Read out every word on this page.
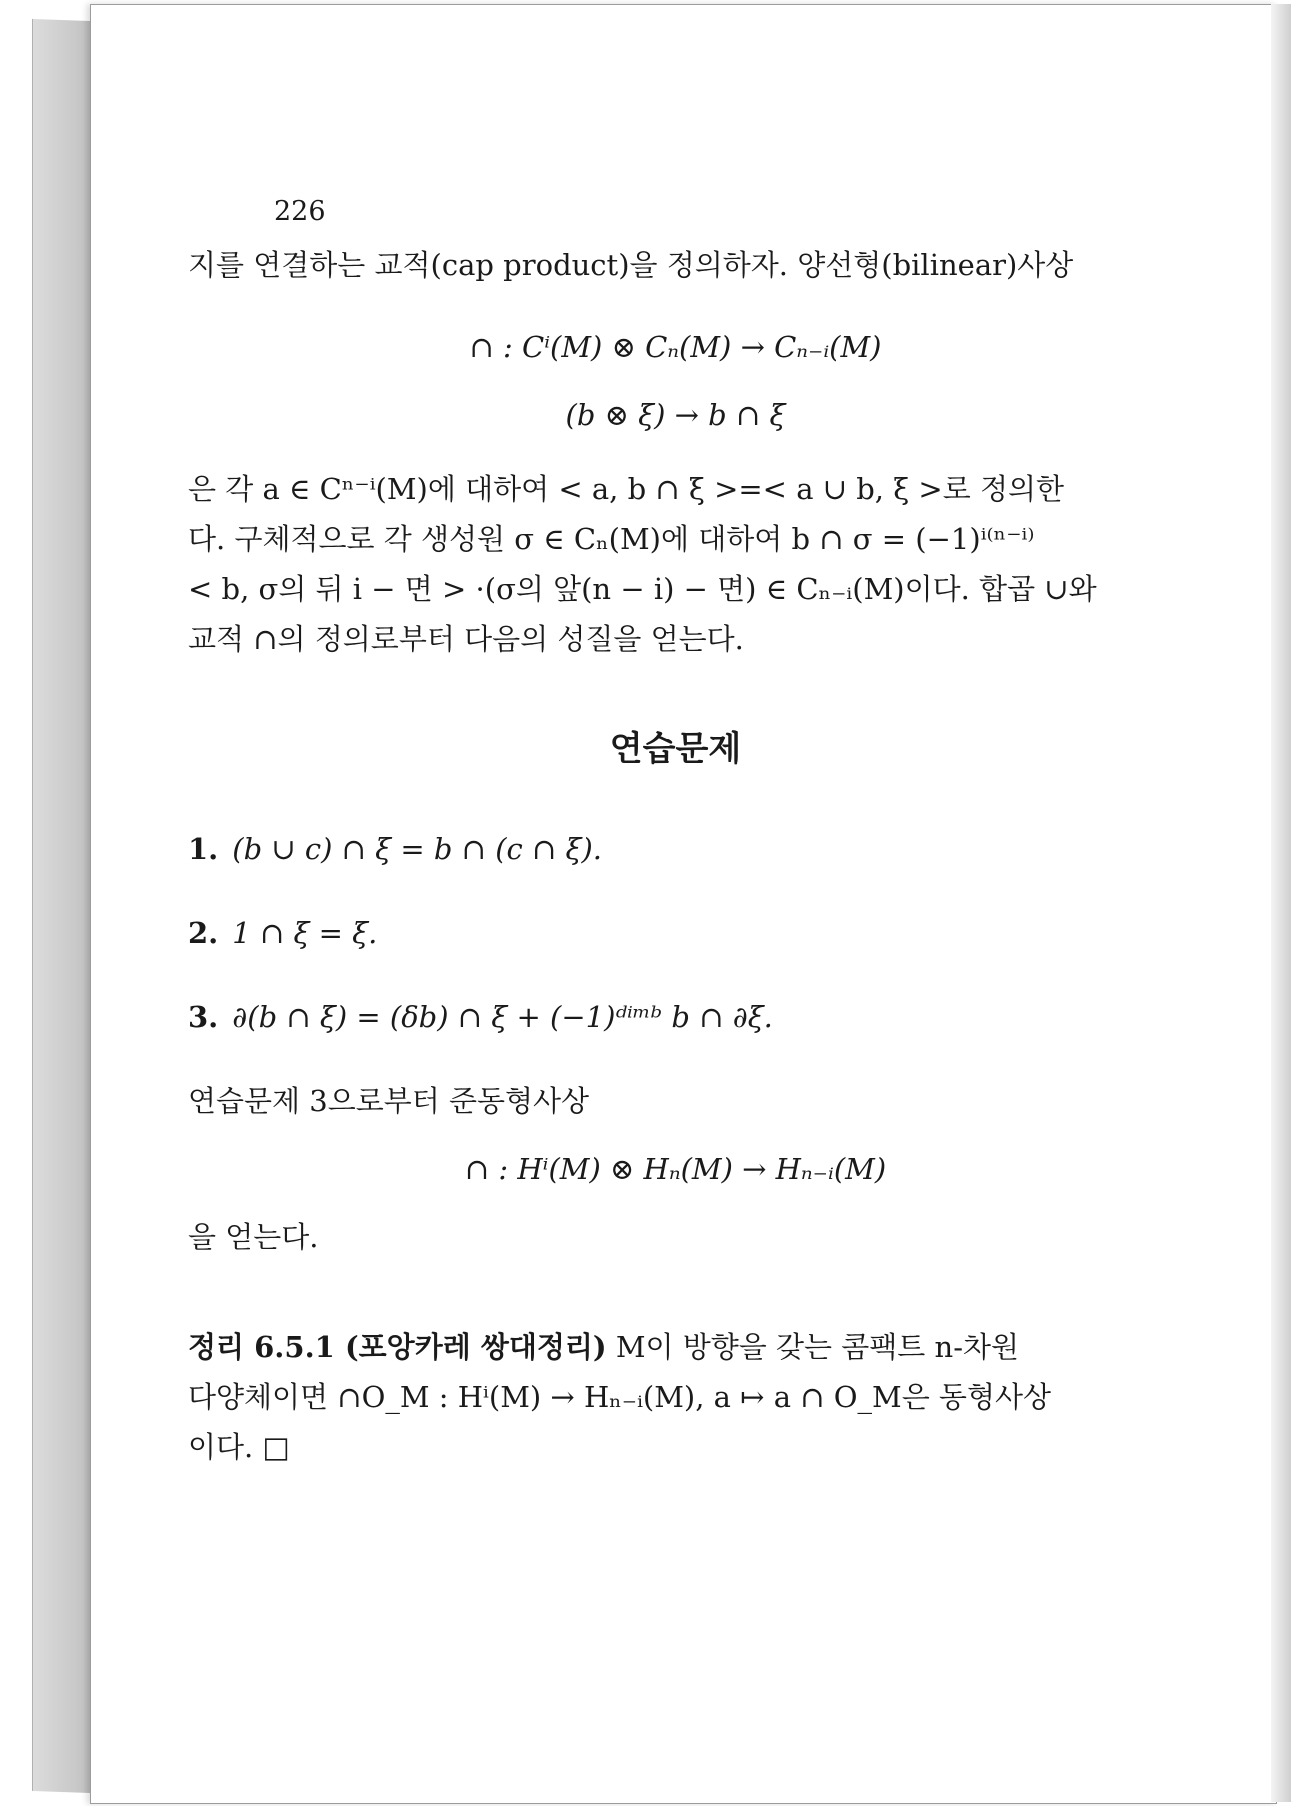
226

지를 연결하는 교적(cap product)을 정의하자. 양선형(bilinear)사상

∩ : Cⁱ(M) ⊗ Cₙ(M) → Cₙ₋ᵢ(M)

(b ⊗ ξ) → b ∩ ξ

은 각 a ∈ Cⁿ⁻ⁱ(M)에 대하여 < a, b ∩ ξ >=< a ∪ b, ξ >로 정의한

다. 구체적으로 각 생성원 σ ∈ Cₙ(M)에 대하여 b ∩ σ = (−1)ⁱ⁽ⁿ⁻ⁱ⁾

< b, σ의 뒤 i − 면 > ·(σ의 앞(n − i) − 면) ∈ Cₙ₋ᵢ(M)이다. 합곱 ∪와

교적 ∩의 정의로부터 다음의 성질을 얻는다.

연습문제

1. (b ∪ c) ∩ ξ = b ∩ (c ∩ ξ).

2. 1 ∩ ξ = ξ.

3. ∂(b ∩ ξ) = (δb) ∩ ξ + (−1)ᵈⁱᵐᵇ b ∩ ∂ξ.

연습문제 3으로부터 준동형사상

∩ : Hⁱ(M) ⊗ Hₙ(M) → Hₙ₋ᵢ(M)

을 얻는다.

정리 6.5.1 (포앙카레 쌍대정리) M이 방향을 갖는 콤팩트 n-차원

다양체이면 ∩O_M : Hⁱ(M) → Hₙ₋ᵢ(M), a ↦ a ∩ O_M은 동형사상

이다. □
